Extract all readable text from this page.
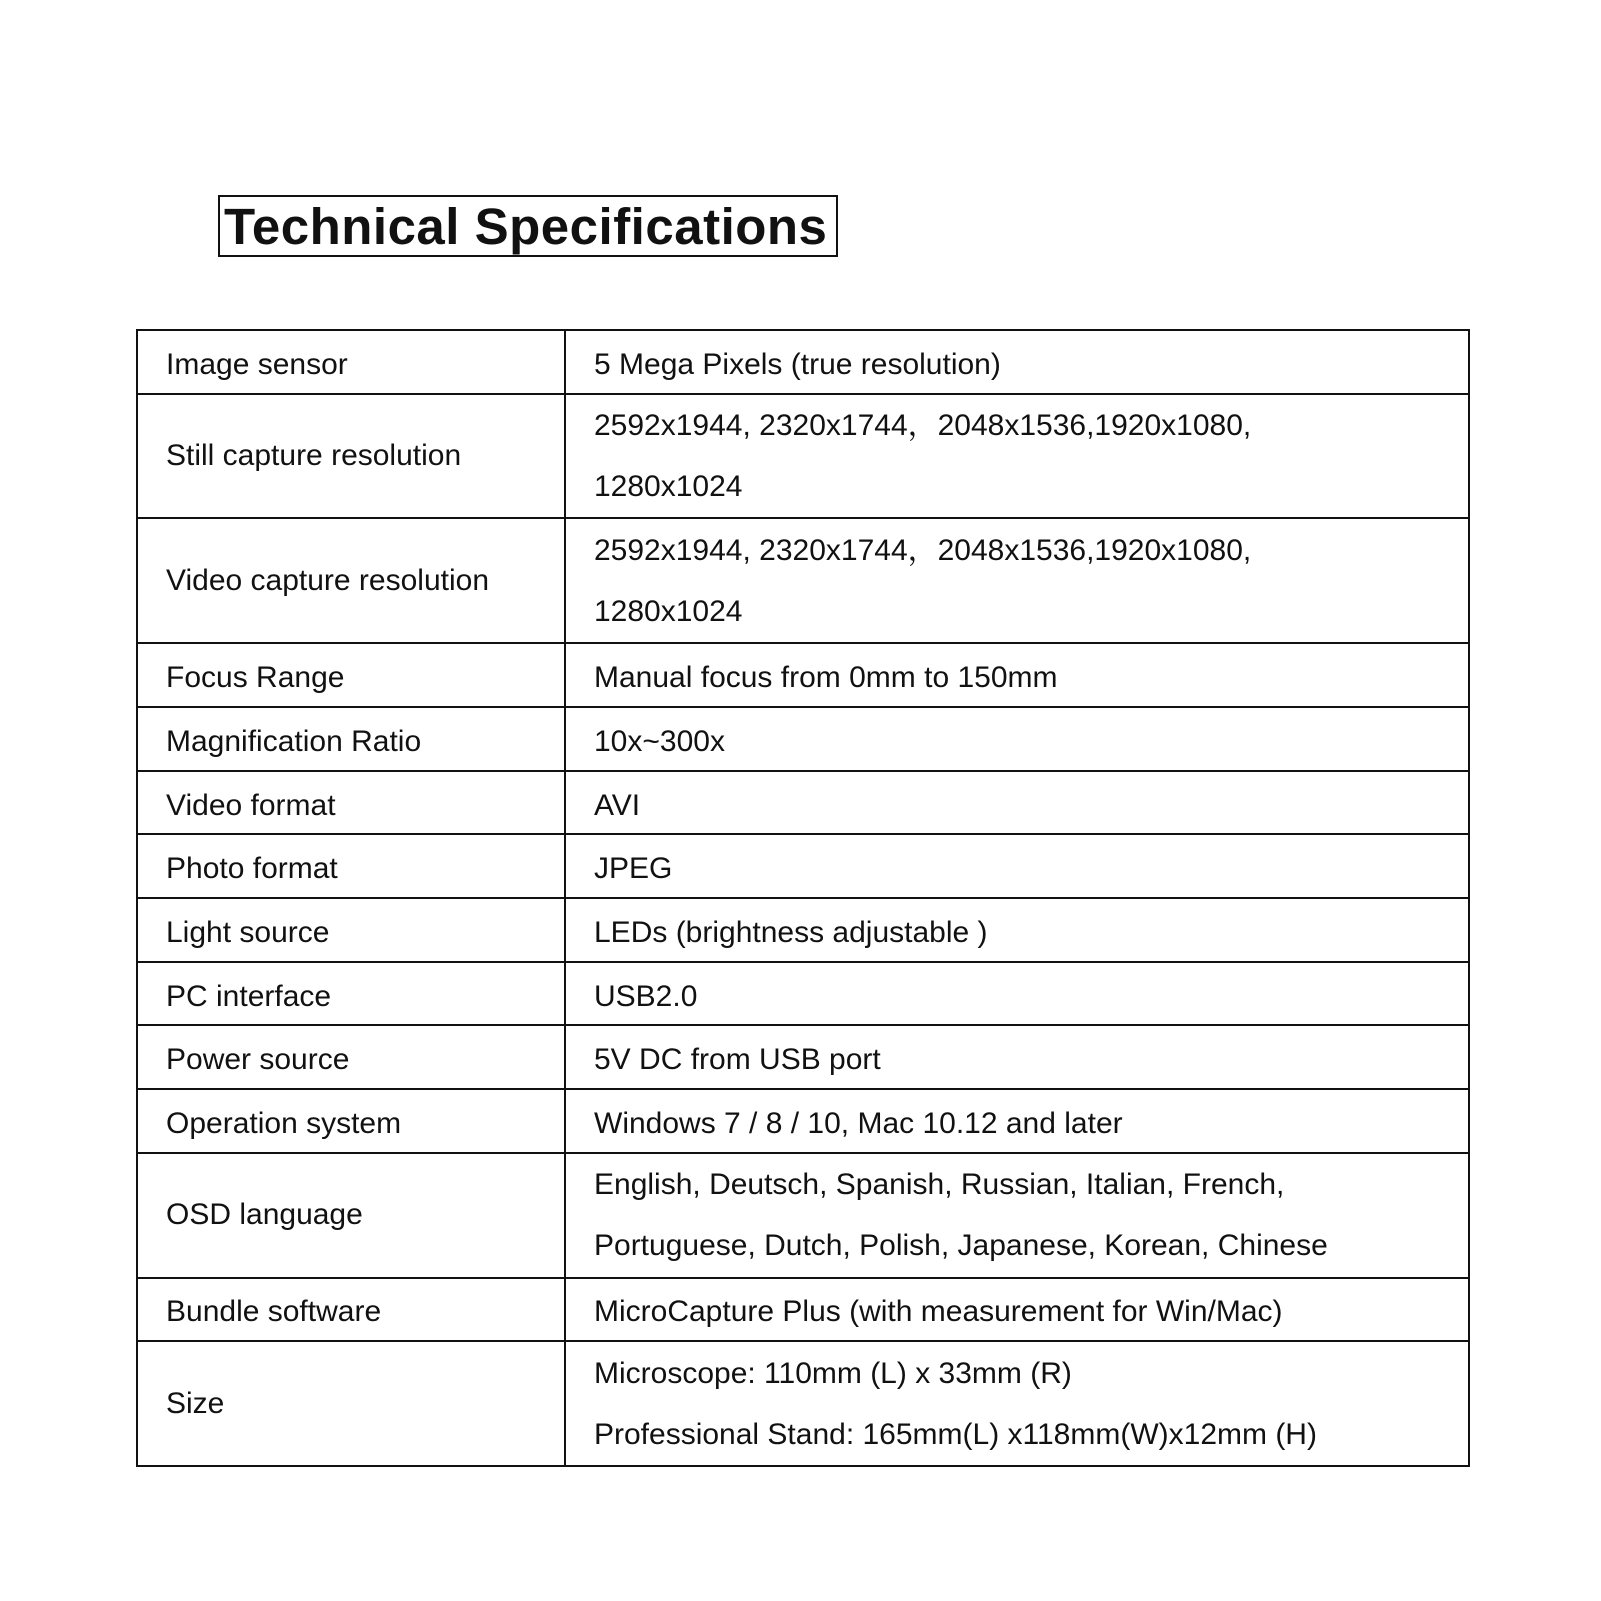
Technical Specifications
Image sensor	5 Mega Pixels (true resolution)

Still capture resolution	2592x1944, 2320x1744，2048x1536,1920x1080,
1280x1024

Video capture resolution	2592x1944, 2320x1744，2048x1536,1920x1080,
1280x1024

Focus Range	Manual focus from 0mm to 150mm

Magnification Ratio	10x~300x

Video format	AVI

Photo format	JPEG

Light source	LEDs (brightness adjustable )

PC interface	USB2.0

Power source	5V DC from USB port

Operation system	Windows 7 / 8 / 10, Mac 10.12 and later

OSD language	English, Deutsch, Spanish, Russian, Italian, French,
Portuguese, Dutch, Polish, Japanese, Korean, Chinese

Bundle software	MicroCapture Plus (with measurement for Win/Mac)

Size	Microscope: 110mm (L) x 33mm (R)
Professional Stand: 165mm(L) x118mm(W)x12mm (H)
